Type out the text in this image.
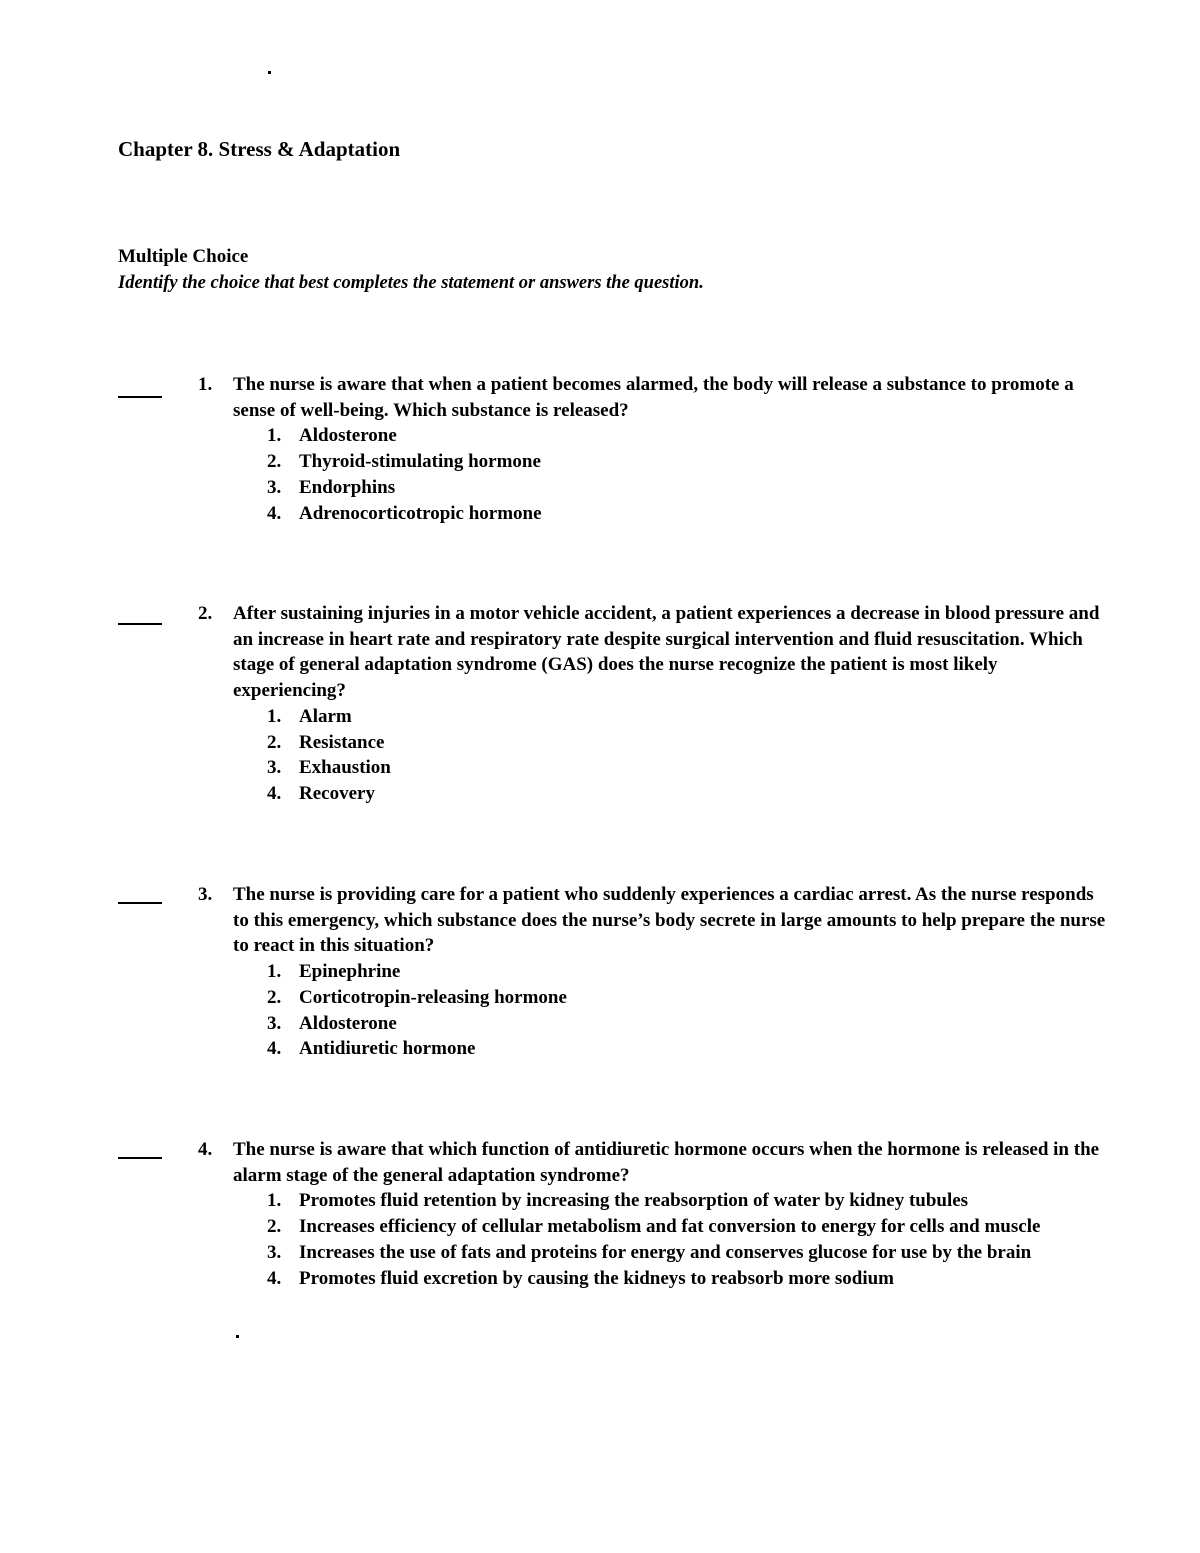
Chapter 8. Stress & Adaptation
Multiple Choice
Identify the choice that best completes the statement or answers the question.
1. The nurse is aware that when a patient becomes alarmed, the body will release a substance to promote a sense of well-being. Which substance is released?
1. Aldosterone
2. Thyroid-stimulating hormone
3. Endorphins
4. Adrenocorticotropic hormone
2. After sustaining injuries in a motor vehicle accident, a patient experiences a decrease in blood pressure and an increase in heart rate and respiratory rate despite surgical intervention and fluid resuscitation. Which stage of general adaptation syndrome (GAS) does the nurse recognize the patient is most likely experiencing?
1. Alarm
2. Resistance
3. Exhaustion
4. Recovery
3. The nurse is providing care for a patient who suddenly experiences a cardiac arrest. As the nurse responds to this emergency, which substance does the nurse’s body secrete in large amounts to help prepare the nurse to react in this situation?
1. Epinephrine
2. Corticotropin-releasing hormone
3. Aldosterone
4. Antidiuretic hormone
4. The nurse is aware that which function of antidiuretic hormone occurs when the hormone is released in the alarm stage of the general adaptation syndrome?
1. Promotes fluid retention by increasing the reabsorption of water by kidney tubules
2. Increases efficiency of cellular metabolism and fat conversion to energy for cells and muscle
3. Increases the use of fats and proteins for energy and conserves glucose for use by the brain
4. Promotes fluid excretion by causing the kidneys to reabsorb more sodium
